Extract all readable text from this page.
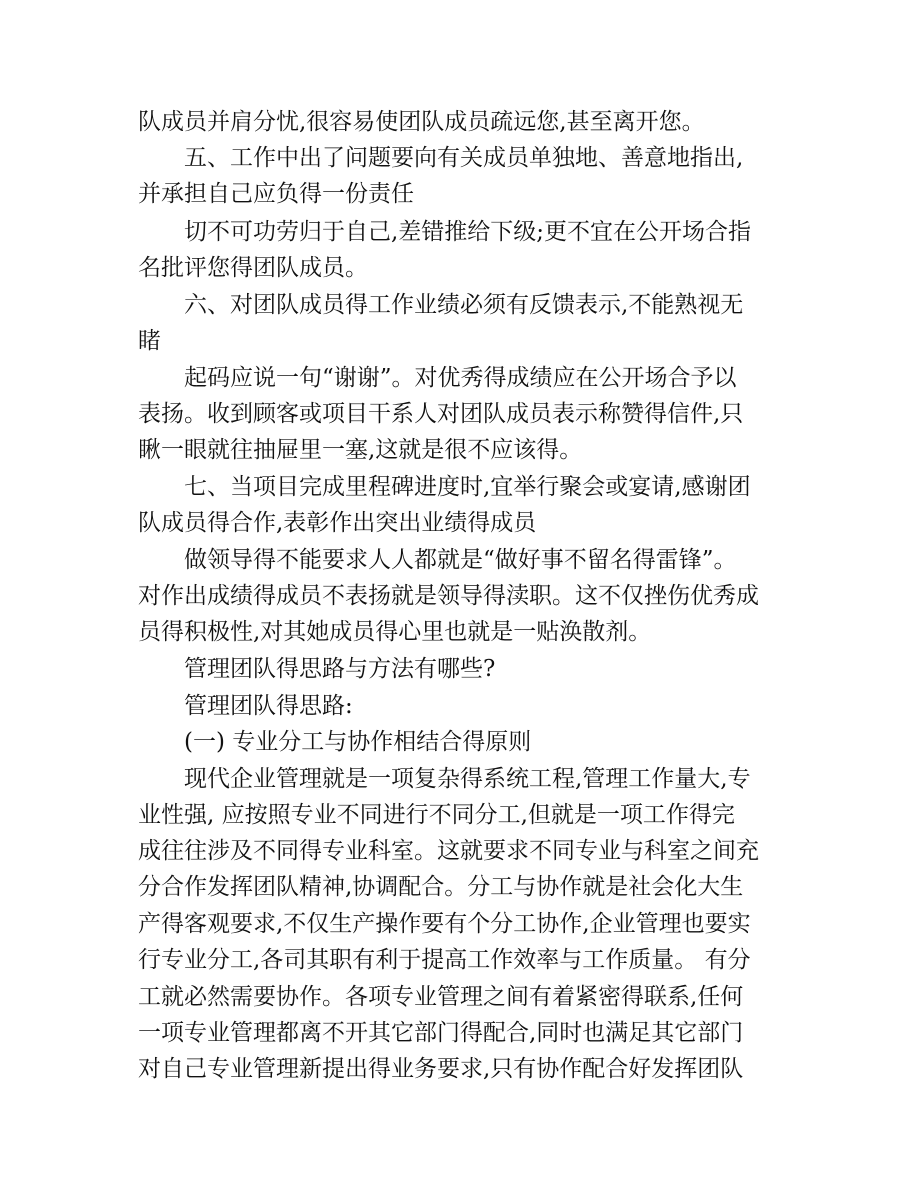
队成员并肩分忧,很容易使团队成员疏远您,甚至离开您。
五、工作中出了问题要向有关成员单独地、善意地指出,
并承担自己应负得一份责任
切不可功劳归于自己,差错推给下级;更不宜在公开场合指
名批评您得团队成员。
六、对团队成员得工作业绩必须有反馈表示,不能熟视无
睹
起码应说一句“谢谢”。对优秀得成绩应在公开场合予以
表扬。收到顾客或项目干系人对团队成员表示称赞得信件,只
瞅一眼就往抽屉里一塞,这就是很不应该得。
七、当项目完成里程碑进度时,宜举行聚会或宴请,感谢团
队成员得合作,表彰作出突出业绩得成员
做领导得不能要求人人都就是“做好事不留名得雷锋”。
对作出成绩得成员不表扬就是领导得渎职。这不仅挫伤优秀成
员得积极性,对其她成员得心里也就是一贴涣散剂。
管理团队得思路与方法有哪些?
管理团队得思路:
(一) 专业分工与协作相结合得原则
现代企业管理就是一项复杂得系统工程,管理工作量大,专
业性强, 应按照专业不同进行不同分工,但就是一项工作得完
成往往涉及不同得专业科室。这就要求不同专业与科室之间充
分合作发挥团队精神,协调配合。分工与协作就是社会化大生
产得客观要求,不仅生产操作要有个分工协作,企业管理也要实
行专业分工,各司其职有利于提高工作效率与工作质量。 有分
工就必然需要协作。各项专业管理之间有着紧密得联系,任何
一项专业管理都离不开其它部门得配合,同时也满足其它部门
对自己专业管理新提出得业务要求,只有协作配合好发挥团队
